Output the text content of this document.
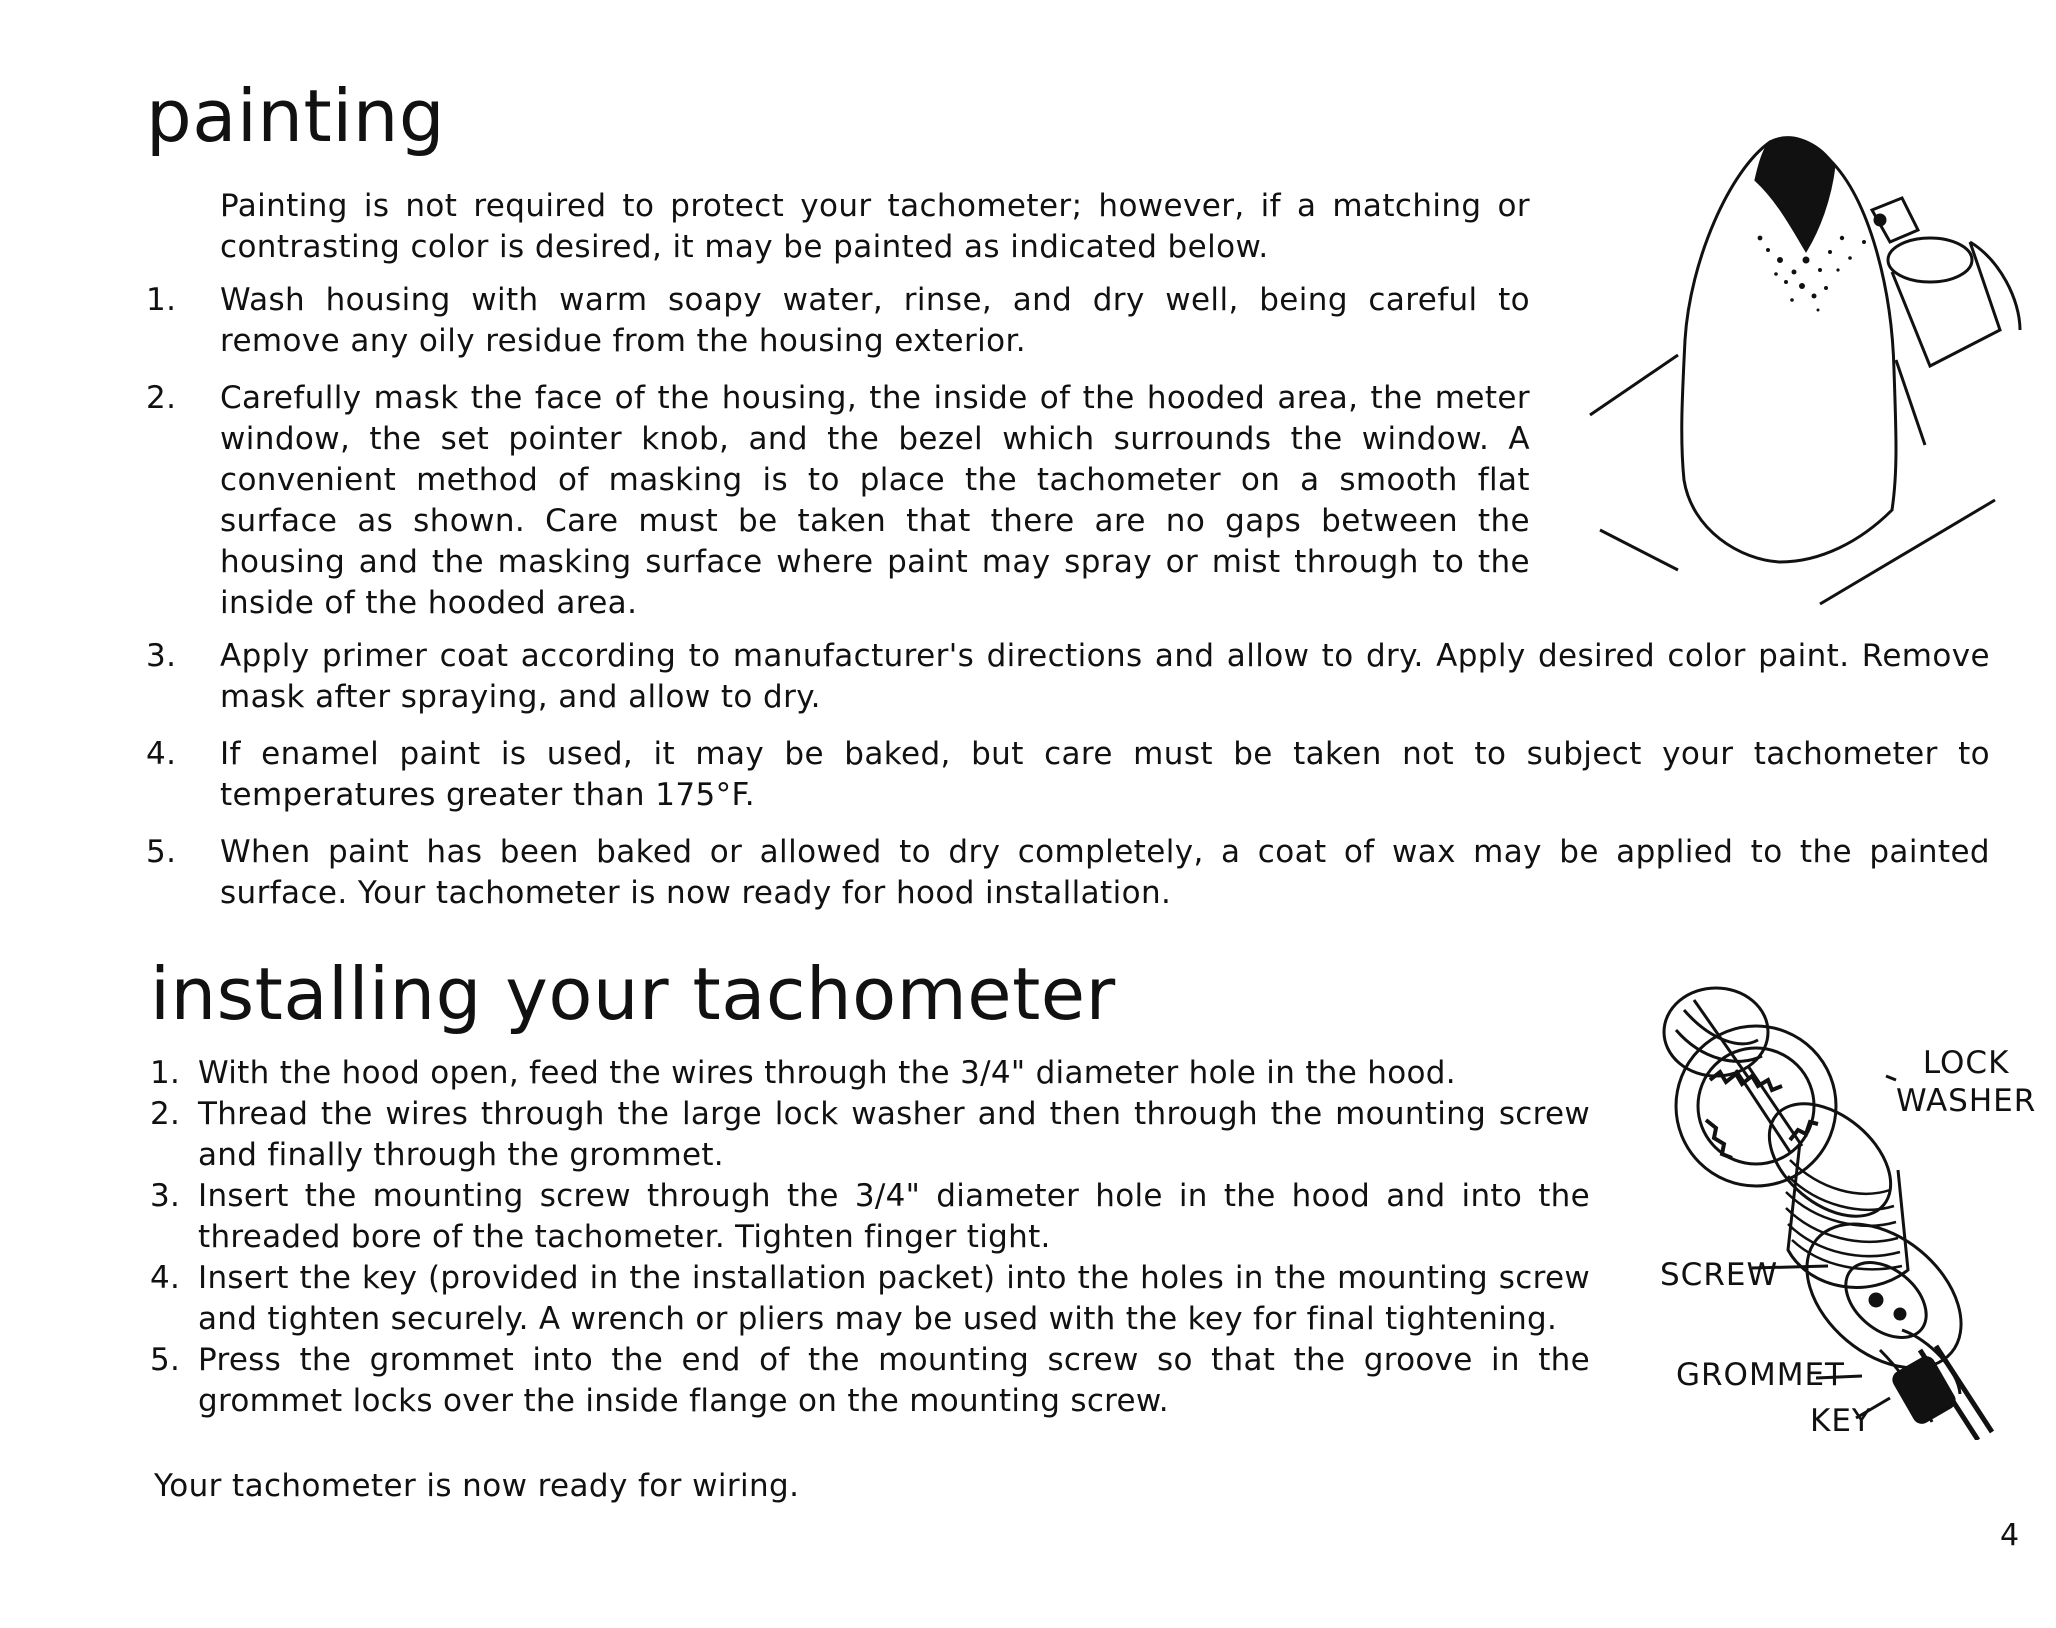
painting

Painting is not required to protect your tachometer; however, if a matching or contrasting color is desired, it may be painted as indicated below.

1. Wash housing with warm soapy water, rinse, and dry well, being careful to remove any oily residue from the housing exterior.

2. Carefully mask the face of the housing, the inside of the hooded area, the meter window, the set pointer knob, and the bezel which surrounds the window. A convenient method of masking is to place the tachometer on a smooth flat surface as shown. Care must be taken that there are no gaps between the housing and the masking surface where paint may spray or mist through to the inside of the hooded area.

3. Apply primer coat according to manufacturer's directions and allow to dry. Apply desired color paint. Remove mask after spraying, and allow to dry.

4. If enamel paint is used, it may be baked, but care must be taken not to subject your tachometer to temperatures greater than 175°F.

5. When paint has been baked or allowed to dry completely, a coat of wax may be applied to the painted surface. Your tachometer is now ready for hood installation.

installing your tachometer
1. With the hood open, feed the wires through the 3/4" diameter hole in the hood.
2. Thread the wires through the large lock washer and then through the mounting screw and finally through the grommet.
3. Insert the mounting screw through the 3/4" diameter hole in the hood and into the threaded bore of the tachometer. Tighten finger tight.
4. Insert the key (provided in the installation packet) into the holes in the mounting screw and tighten securely. A wrench or pliers may be used with the key for final tightening.
5. Press the grommet into the end of the mounting screw so that the groove in the grommet locks over the inside flange on the mounting screw.

Your tachometer is now ready for wiring.

LOCK
WASHER
SCREW
GROMMET
KEY
4
